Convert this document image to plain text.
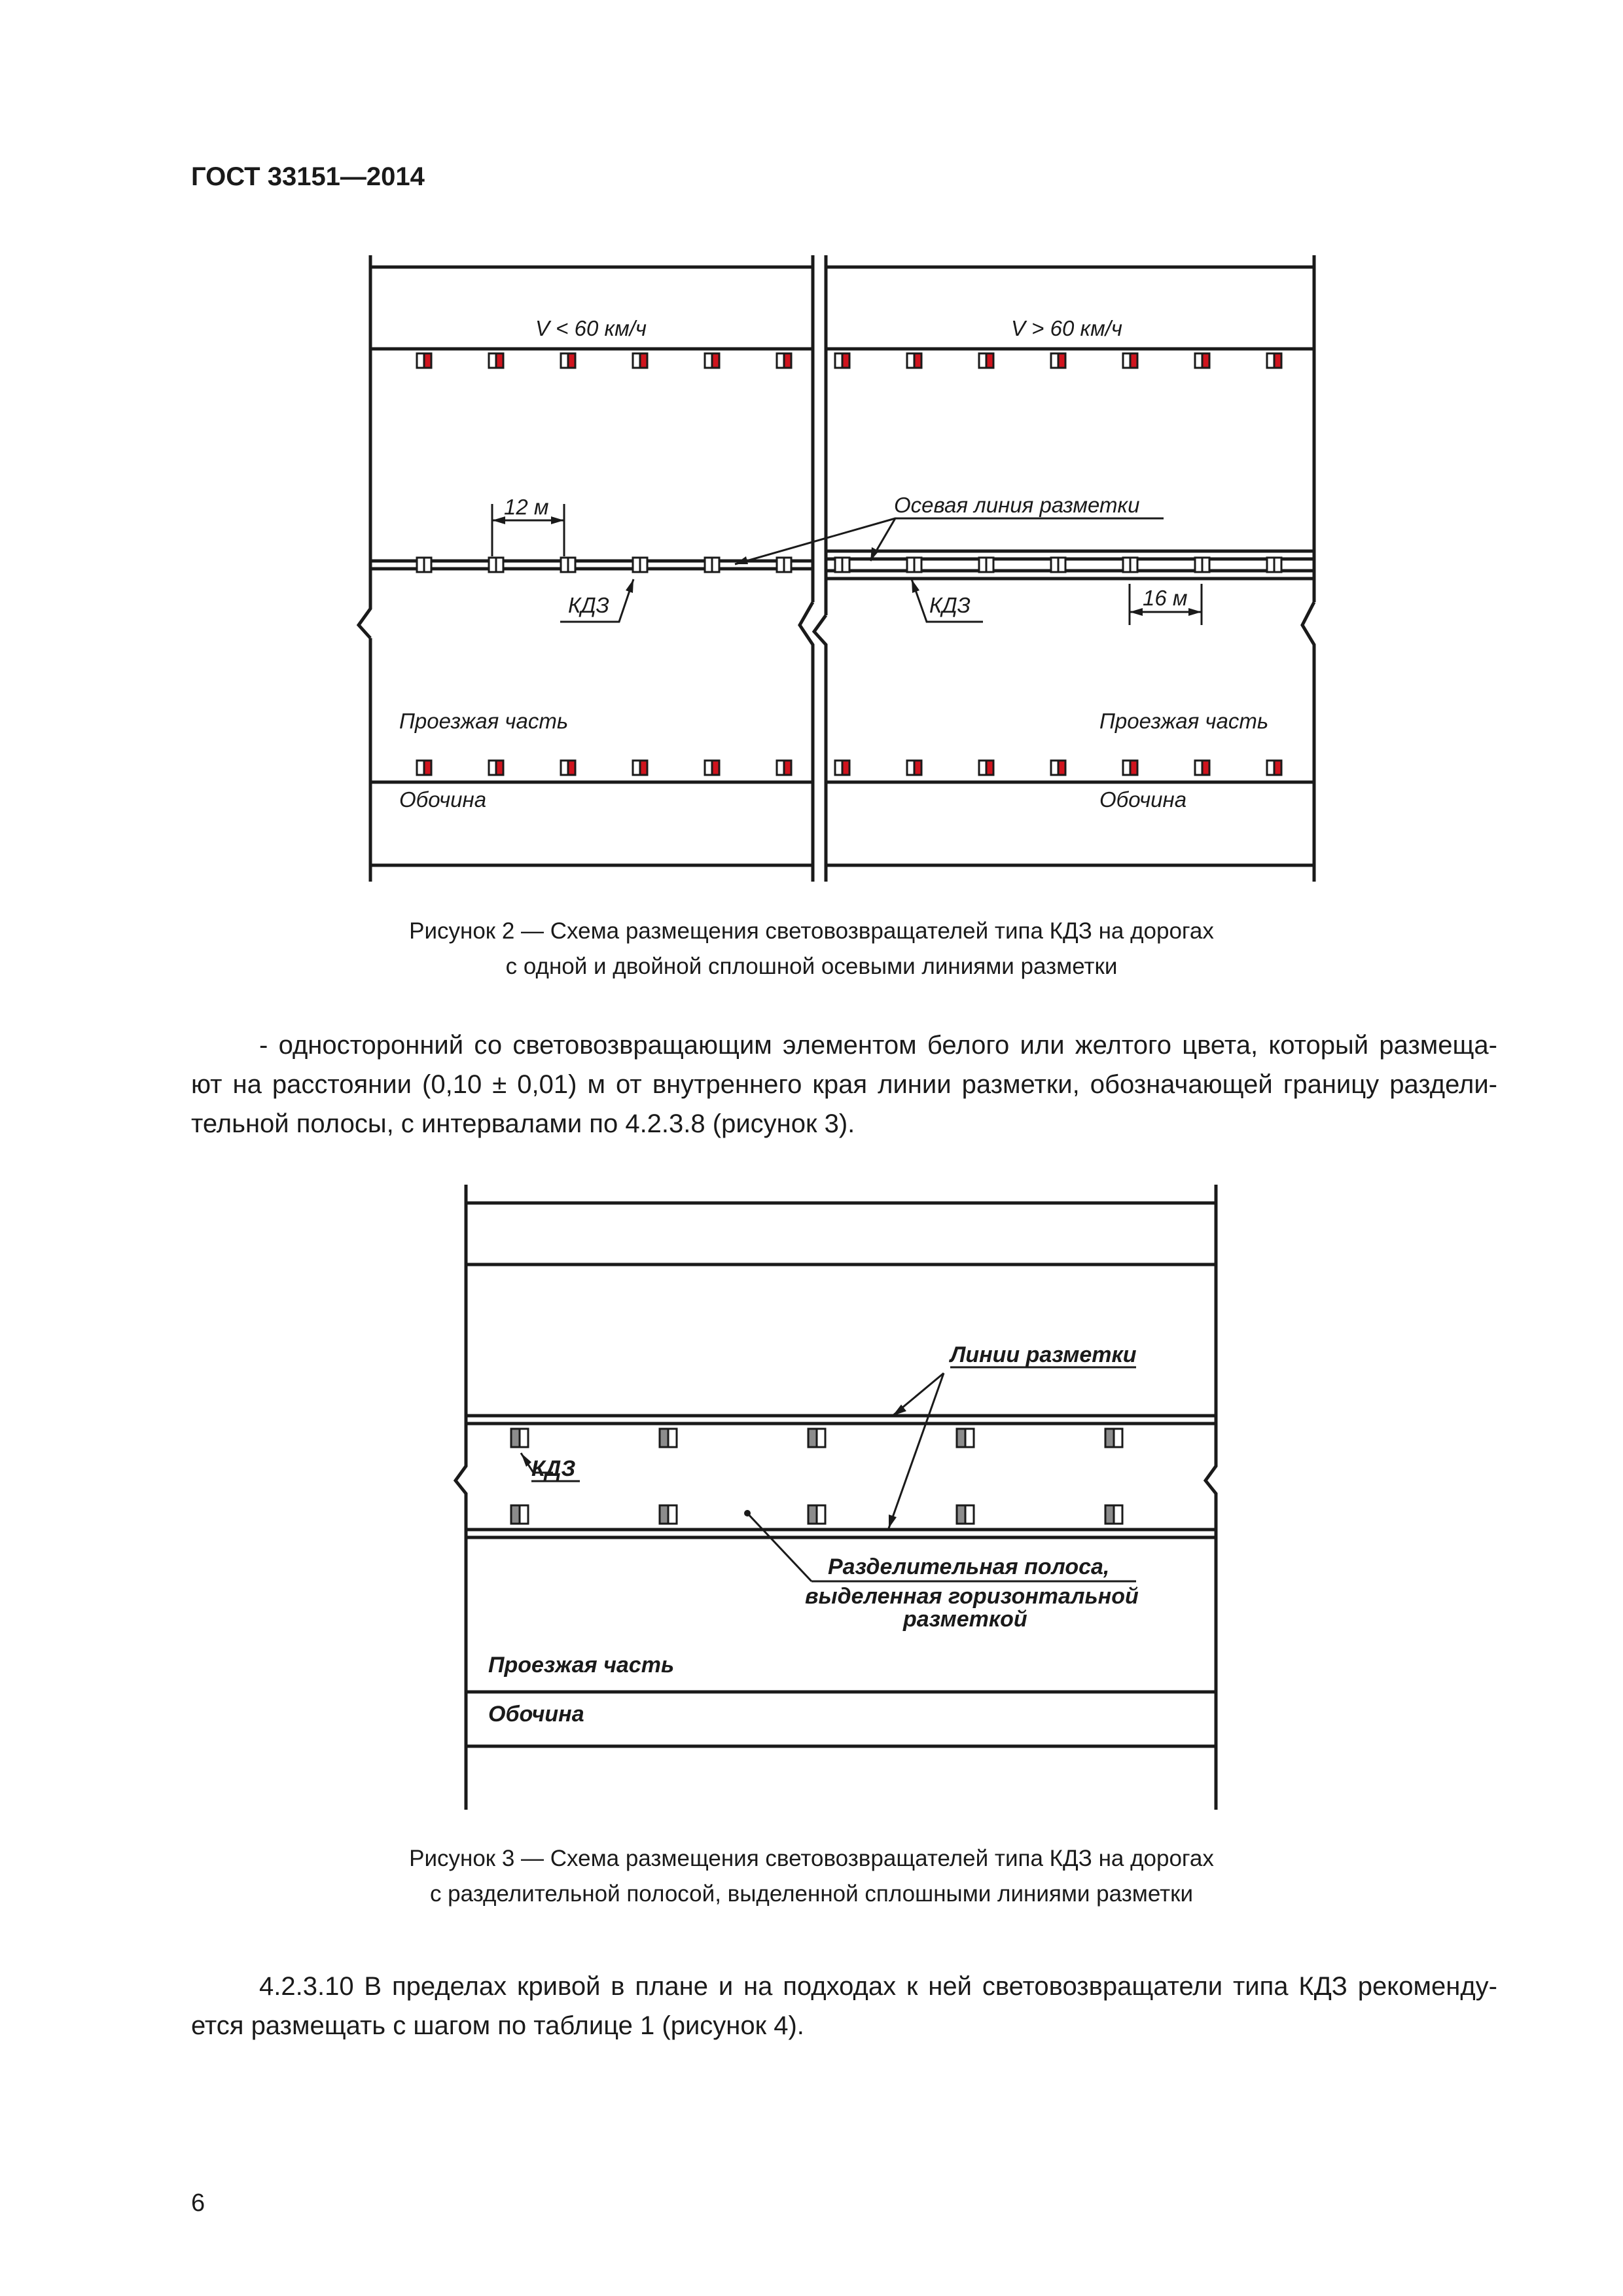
ГОСТ 33151—2014
12 м
16 м
V < 60 км/ч	V > 60 км/ч
Осевая линия разметки
КДЗ	КДЗ
Проезжая часть	Проезжая часть
Обочина	Обочина
Рисунок 2 — Схема размещения световозвращателей типа КДЗ на дорогах
с одной и двойной сплошной осевыми линиями разметки
- односторонний со световозвращающим элементом белого или желтого цвета, который размеща-
ют на расстоянии (0,10 ± 0,01) м от внутреннего края линии разметки, обозначающей границу раздели-
тельной полосы, с интервалами по 4.2.3.8 (рисунок 3).
Линии разметки
КДЗ
Разделительная полоса,
выделенная горизонтальной
разметкой
Проезжая часть
Обочина
Рисунок 3 — Схема размещения световозвращателей типа КДЗ на дорогах
с разделительной полосой, выделенной сплошными линиями разметки
4.2.3.10 В пределах кривой в плане и на подходах к ней световозвращатели типа КДЗ рекоменду-
ется размещать с шагом по таблице 1 (рисунок 4).
6
